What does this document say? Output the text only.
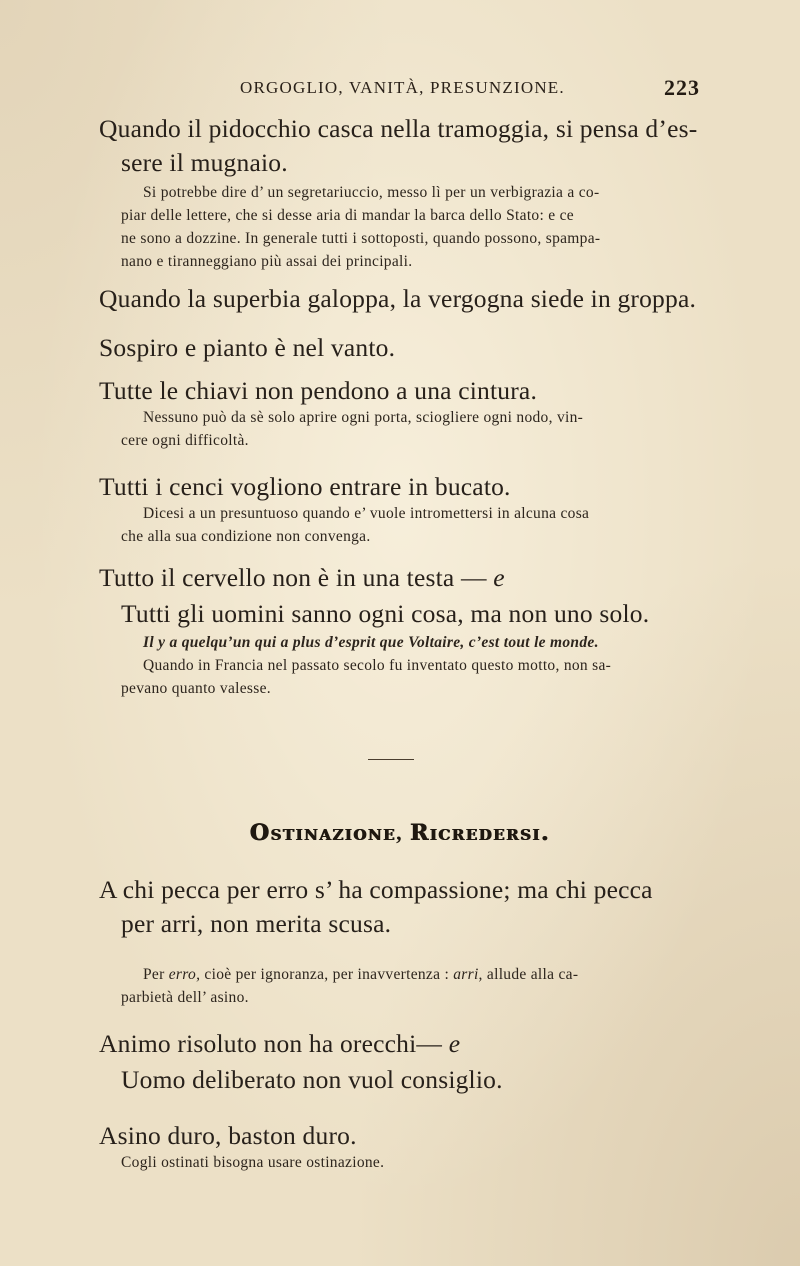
ORGOGLIO, VANITÀ, PRESUNZIONE.	223
Quando il pidocchio casca nella tramoggia, si pensa d’es-
sere il mugnaio.
Si potrebbe dire d’ un segretariuccio, messo lì per un verbigrazia a co-
piar delle lettere, che si desse aria di mandar la barca dello Stato: e ce
ne sono a dozzine. In generale tutti i sottoposti, quando possono, spampa-
nano e tiranneggiano più assai dei principali.
Quando la superbia galoppa, la vergogna siede in groppa.
Sospiro e pianto è nel vanto.
Tutte le chiavi non pendono a una cintura.
Nessuno può da sè solo aprire ogni porta, sciogliere ogni nodo, vin-
cere ogni difficoltà.
Tutti i cenci vogliono entrare in bucato.
Dicesi a un presuntuoso quando e’ vuole intromettersi in alcuna cosa
che alla sua condizione non convenga.
Tutto il cervello non è in una testa — e
Tutti gli uomini sanno ogni cosa, ma non uno solo.
Il y a quelqu’un qui a plus d’esprit que Voltaire, c’est tout le monde.
Quando in Francia nel passato secolo fu inventato questo motto, non sa-
pevano quanto valesse.
Ostinazione, Ricredersi.
A chi pecca per erro s’ ha compassione; ma chi pecca
per arri, non merita scusa.
Per erro, cioè per ignoranza, per inavvertenza : arri, allude alla ca-
parbietà dell’ asino.
Animo risoluto non ha orecchi— e
Uomo deliberato non vuol consiglio.
Asino duro, baston duro.
Cogli ostinati bisogna usare ostinazione.
